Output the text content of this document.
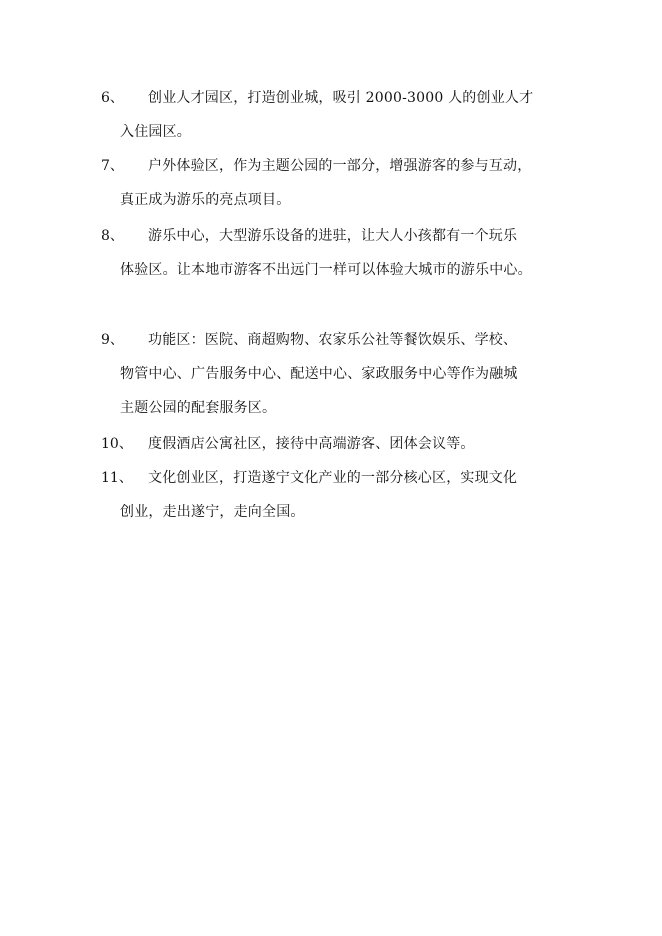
6、 创业人才园区，打造创业城，吸引 2000-3000 人的创业人才
入住园区。
7、 户外体验区，作为主题公园的一部分，增强游客的参与互动，
真正成为游乐的亮点项目。
8、 游乐中心，大型游乐设备的进驻，让大人小孩都有一个玩乐
体验区。让本地市游客不出远门一样可以体验大城市的游乐中心。
9、 功能区：医院、商超购物、农家乐公社等餐饮娱乐、学校、
物管中心、广告服务中心、配送中心、家政服务中心等作为融城
主题公园的配套服务区。
10、 度假酒店公寓社区，接待中高端游客、团体会议等。
11、 文化创业区，打造遂宁文化产业的一部分核心区，实现文化
创业，走出遂宁，走向全国。
